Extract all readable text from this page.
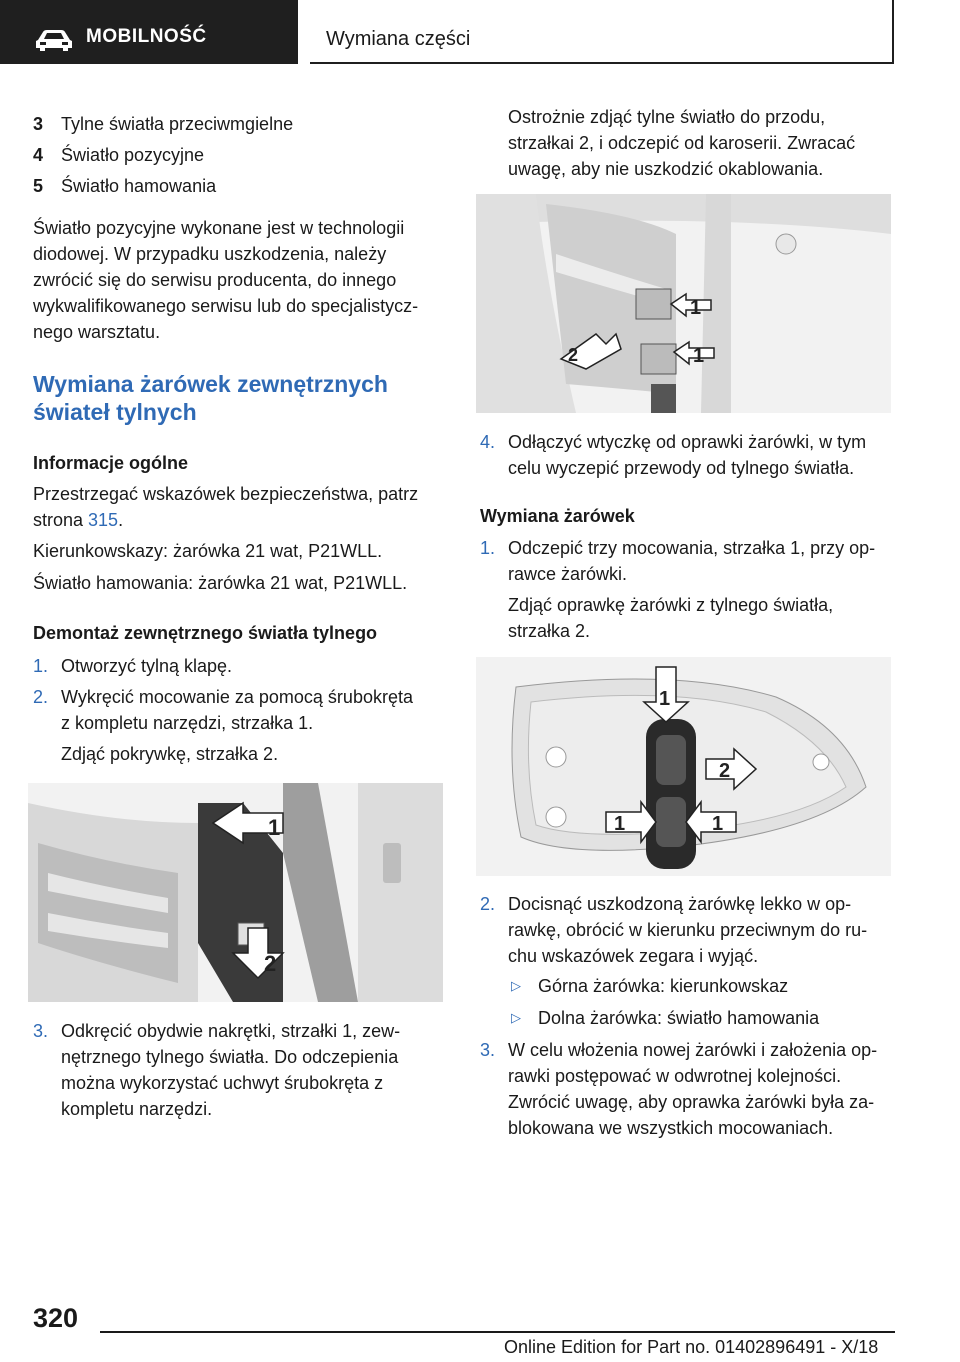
MOBILNOŚĆ	Wymiana części
3 Tylne światła przeciwmgielne
4 Światło pozycyjne
5 Światło hamowania
Światło pozycyjne wykonane jest w technologii
diodowej. W przypadku uszkodzenia, należy
zwrócić się do serwisu producenta, do innego
wykwalifikowanego serwisu lub do specjalistycz‐
nego warsztatu.
Wymiana żarówek zewnętrznych
świateł tylnych
Informacje ogólne
Przestrzegać wskazówek bezpieczeństwa, patrz
strona 315.
Kierunkowskazy: żarówka 21 wat, P21WLL.
Światło hamowania: żarówka 21 wat, P21WLL.
Demontaż zewnętrznego światła tylnego
1. Otworzyć tylną klapę.
2. Wykręcić mocowanie za pomocą śrubokręta
z kompletu narzędzi, strzałka 1.
Zdjąć pokrywkę, strzałka 2.
1
2
3. Odkręcić obydwie nakrętki, strzałki 1, zew‐
nętrznego tylnego światła. Do odczepienia
można wykorzystać uchwyt śrubokręta z
kompletu narzędzi.
Ostrożnie zdjąć tylne światło do przodu,
strzałkai 2, i odczepić od karoserii. Zwracać
uwagę, aby nie uszkodzić okablowania.
1
1
2
4. Odłączyć wtyczkę od oprawki żarówki, w tym
celu wyczepić przewody od tylnego światła.
Wymiana żarówek
1. Odczepić trzy mocowania, strzałka 1, przy op‐
rawce żarówki.
Zdjąć oprawkę żarówki z tylnego światła,
strzałka 2.
1
2
1	1
2. Docisnąć uszkodzoną żarówkę lekko w op‐
rawkę, obrócić w kierunku przeciwnym do ru‐
chu wskazówek zegara i wyjąć.
▷ Górna żarówka: kierunkowskaz
▷ Dolna żarówka: światło hamowania
3. W celu włożenia nowej żarówki i założenia op‐
rawki postępować w odwrotnej kolejności.
Zwrócić uwagę, aby oprawka żarówki była za‐
blokowana we wszystkich mocowaniach.
320
Online Edition for Part no. 01402896491 - X/18
